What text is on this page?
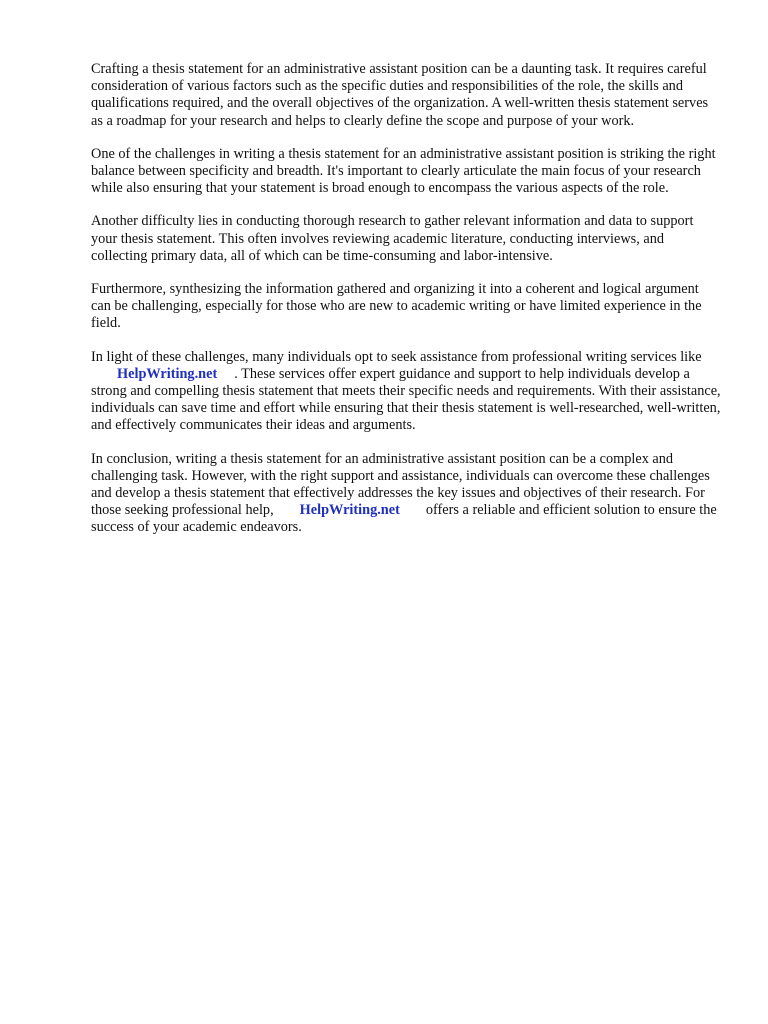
Crafting a thesis statement for an administrative assistant position can be a daunting task. It requires careful consideration of various factors such as the specific duties and responsibilities of the role, the skills and qualifications required, and the overall objectives of the organization. A well-written thesis statement serves as a roadmap for your research and helps to clearly define the scope and purpose of your work.

One of the challenges in writing a thesis statement for an administrative assistant position is striking the right balance between specificity and breadth. It's important to clearly articulate the main focus of your research while also ensuring that your statement is broad enough to encompass the various aspects of the role.

Another difficulty lies in conducting thorough research to gather relevant information and data to support your thesis statement. This often involves reviewing academic literature, conducting interviews, and collecting primary data, all of which can be time-consuming and labor-intensive.

Furthermore, synthesizing the information gathered and organizing it into a coherent and logical argument can be challenging, especially for those who are new to academic writing or have limited experience in the field.

In light of these challenges, many individuals opt to seek assistance from professional writing services likeHelpWriting.net . These services offer expert guidance and support to help individuals develop a strong and compelling thesis statement that meets their specific needs and requirements. With their assistance, individuals can save time and effort while ensuring that their thesis statement is well-researched, well-written, and effectively communicates their ideas and arguments.

In conclusion, writing a thesis statement for an administrative assistant position can be a complex and challenging task. However, with the right support and assistance, individuals can overcome these challenges and develop a thesis statement that effectively addresses the key issues and objectives of their research. For those seeking professional help, HelpWriting.net offers a reliable and efficient solution to ensure the success of your academic endeavors.
